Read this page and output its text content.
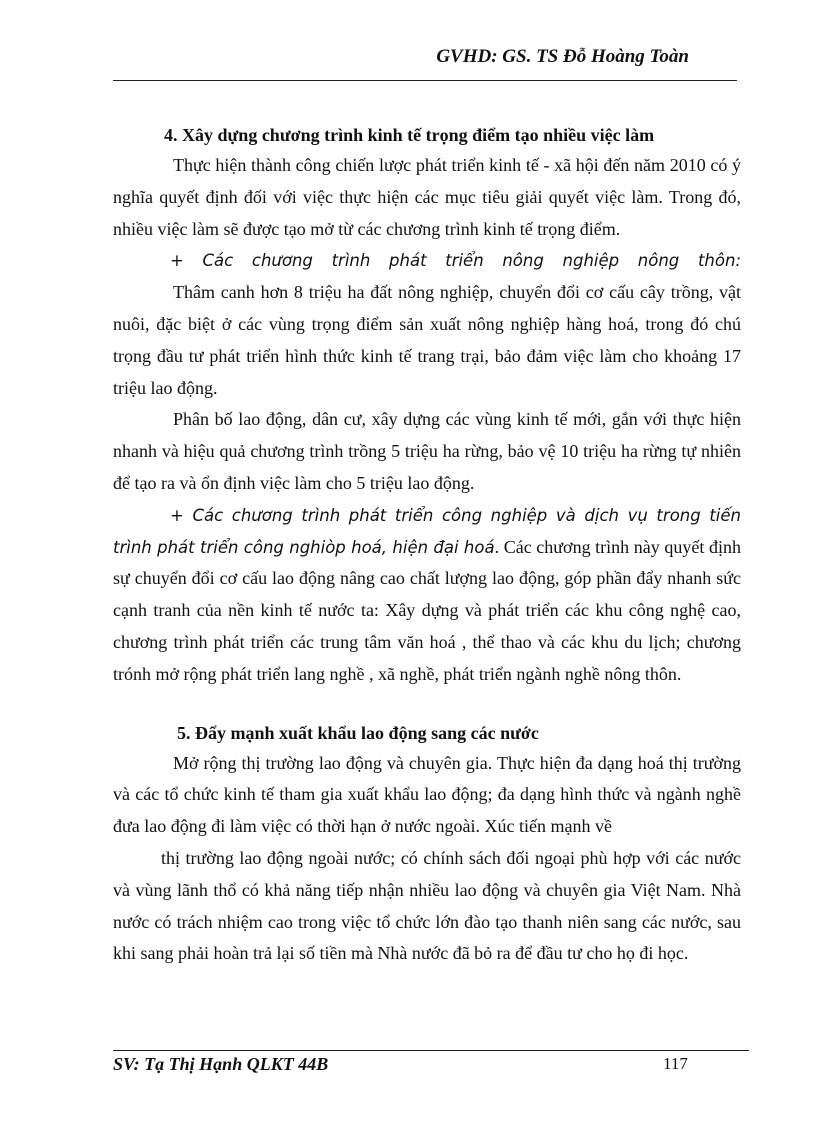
GVHD: GS. TS Đỗ Hoàng Toàn
4. Xây dựng chương trình kinh tế trọng điểm tạo nhiều việc làm

Thực hiện thành công chiến lược phát triển kinh tế - xã hội đến năm 2010 có ý nghĩa quyết định đối với việc thực hiện các mục tiêu giải quyết việc làm. Trong đó, nhiều việc làm sẽ được tạo mở từ các chương trình kinh tế trọng điểm.

+ Các chương trình phát triển nông nghiệp nông thôn:

Thâm canh hơn 8 triệu ha đất nông nghiệp, chuyển đổi cơ cấu cây trồng, vật nuôi, đặc biệt ở các vùng trọng điểm sản xuất nông nghiệp hàng hoá, trong đó chú trọng đầu tư phát triển hình thức kinh tế trang trại, bảo đảm việc làm cho khoảng 17 triệu lao động.

Phân bố lao động, dân cư, xây dựng các vùng kinh tế mới, gắn với thực hiện nhanh và hiệu quả chương trình trồng 5 triệu ha rừng, bảo vệ 10 triệu ha rừng tự nhiên để tạo ra và ổn định việc làm cho 5 triệu lao động.

+ Các chương trình phát triển công nghiệp và dịch vụ trong tiến trình phát triển công nghiòp hoá, hiện đại hoá. Các chương trình này quyết định sự chuyển đổi cơ cấu lao động nâng cao chất lượng lao động, góp phần đẩy nhanh sức cạnh tranh của nền kinh tế nước ta: Xây dựng và phát triển các khu công nghệ cao, chương trình phát triển các trung tâm văn hoá , thể thao và các khu du lịch; chương trónh mở rộng phát triển lang nghề , xã nghề, phát triển ngành nghề nông thôn.

5. Đẩy mạnh xuất khẩu lao động sang các nước

Mở rộng thị trường lao động và chuyên gia. Thực hiện đa dạng hoá thị trường và các tổ chức kinh tế tham gia xuất khẩu lao động; đa dạng hình thức và ngành nghề đưa lao động đi làm việc có thời hạn ở nước ngoài. Xúc tiến mạnh về

thị trường lao động ngoài nước; có chính sách đối ngoại phù hợp với các nước và vùng lãnh thổ có khả năng tiếp nhận nhiều lao động và chuyên gia Việt Nam. Nhà nước có trách nhiệm cao trong việc tổ chức lớn đào tạo thanh niên sang các nước, sau khi sang phải hoàn trả lại số tiền mà Nhà nước đã bỏ ra để đầu tư cho họ đi học.

SV: Tạ Thị Hạnh QLKT 44B	117
